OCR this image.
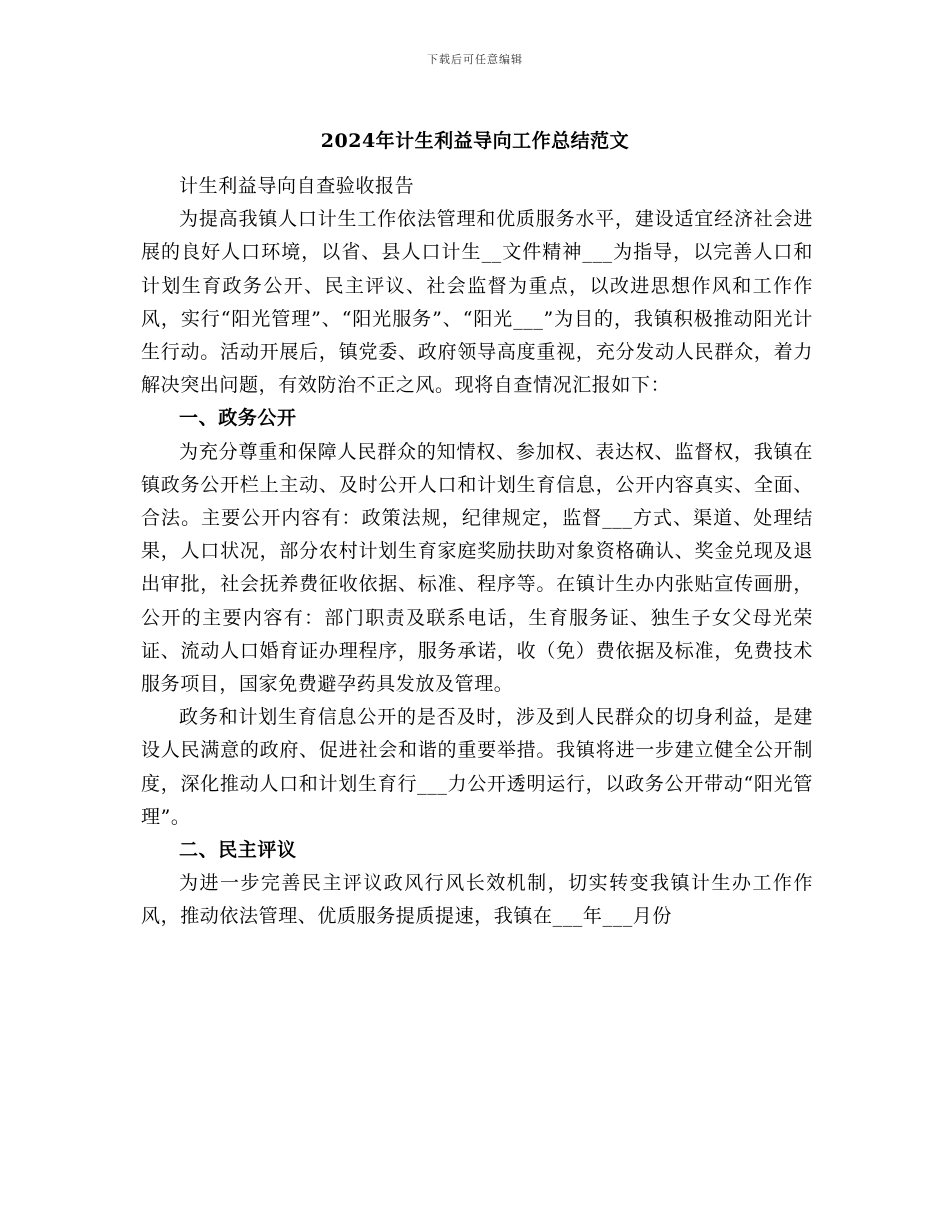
下载后可任意编辑
2024年计生利益导向工作总结范文

计生利益导向自查验收报告

为提高我镇人口计生工作依法管理和优质服务水平，建设适宜经济社会进展的良好人口环境，以省、县人口计生__文件精神___为指导，以完善人口和计划生育政务公开、民主评议、社会监督为重点，以改进思想作风和工作作风，实行“阳光管理”、“阳光服务”、“阳光___”为目的，我镇积极推动阳光计生行动。活动开展后，镇党委、政府领导高度重视，充分发动人民群众，着力解决突出问题，有效防治不正之风。现将自查情况汇报如下：

一、政务公开

为充分尊重和保障人民群众的知情权、参加权、表达权、监督权，我镇在镇政务公开栏上主动、及时公开人口和计划生育信息，公开内容真实、全面、合法。主要公开内容有：政策法规，纪律规定，监督___方式、渠道、处理结果，人口状况，部分农村计划生育家庭奖励扶助对象资格确认、奖金兑现及退出审批，社会抚养费征收依据、标准、程序等。在镇计生办内张贴宣传画册，公开的主要内容有：部门职责及联系电话，生育服务证、独生子女父母光荣证、流动人口婚育证办理程序，服务承诺，收（免）费依据及标准，免费技术服务项目，国家免费避孕药具发放及管理。

政务和计划生育信息公开的是否及时，涉及到人民群众的切身利益，是建设人民满意的政府、促进社会和谐的重要举措。我镇将进一步建立健全公开制度，深化推动人口和计划生育行___力公开透明运行，以政务公开带动“阳光管理”。

二、民主评议

为进一步完善民主评议政风行风长效机制，切实转变我镇计生办工作作风，推动依法管理、优质服务提质提速，我镇在___年___月份
